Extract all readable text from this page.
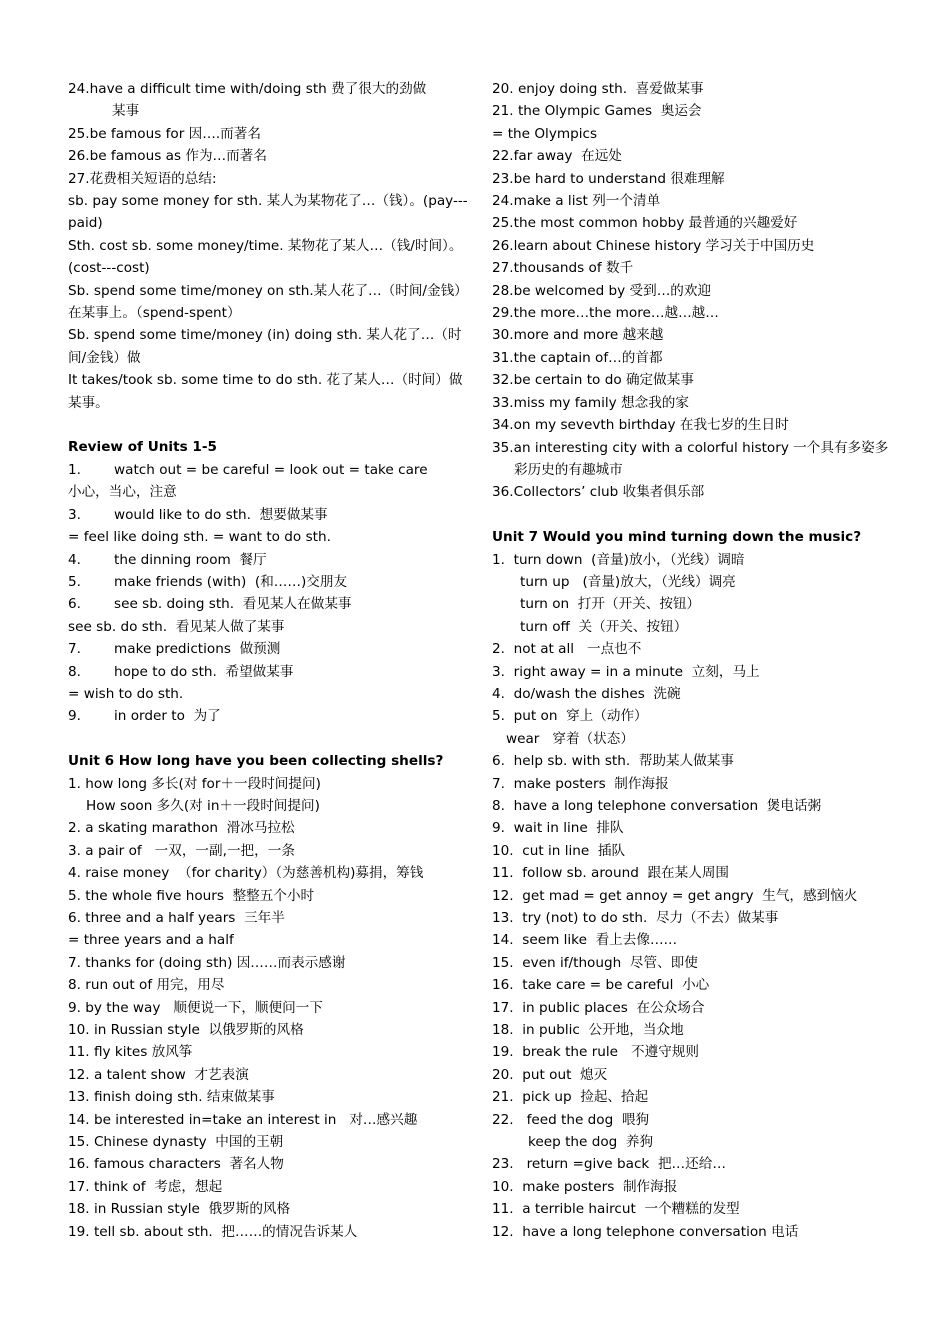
24.have a difficult time with/doing sth 费了很大的劲做
某事
25.be famous for 因….而著名
26.be famous as 作为…而著名
27.花费相关短语的总结:
sb. pay some money for sth. 某人为某物花了…（钱）。(pay---paid)
Sth. cost sb. some money/time. 某物花了某人…（钱/时间）。(cost---cost)
Sb. spend some time/money on sth.某人花了…（时间/金钱）在某事上。（spend-spent）
Sb. spend some time/money (in) doing sth. 某人花了…（时间/金钱）做
It takes/took sb. some time to do sth. 花了某人…（时间）做某事。
Review of Units 1-5
1. watch out = be careful = look out = take care
小心，当心，注意
3. would like to do sth.  想要做某事
= feel like doing sth. = want to do sth.
4. the dinning room  餐厅
5. make friends (with)  (和……)交朋友
6. see sb. doing sth.  看见某人在做某事
see sb. do sth.  看见某人做了某事
7. make predictions  做预测
8. hope to do sth.  希望做某事
= wish to do sth.
9. in order to  为了
Unit 6 How long have you been collecting shells?
1. how long 多长(对 for＋一段时间提问)
How soon 多久(对 in＋一段时间提问)
2. a skating marathon  滑冰马拉松
3. a pair of   一双，一副,一把，一条
4. raise money  （for charity）（为慈善机构)募捐，筹钱
5. the whole five hours  整整五个小时
6. three and a half years  三年半
= three years and a half
7. thanks for (doing sth) 因……而表示感谢
8. run out of 用完，用尽
9. by the way   顺便说一下，顺便问一下
10. in Russian style  以俄罗斯的风格
11. fly kites 放风筝
12. a talent show  才艺表演
13. finish doing sth. 结束做某事
14. be interested in=take an interest in   对…感兴趣
15. Chinese dynasty  中国的王朝
16. famous characters  著名人物
17. think of  考虑，想起
18. in Russian style  俄罗斯的风格
19. tell sb. about sth.  把……的情况告诉某人
20. enjoy doing sth.  喜爱做某事
21. the Olympic Games  奥运会
= the Olympics
22.far away  在远处
23.be hard to understand 很难理解
24.make a list 列一个清单
25.the most common hobby 最普通的兴趣爱好
26.learn about Chinese history 学习关于中国历史
27.thousands of 数千
28.be welcomed by 受到…的欢迎
29.the more…the more…越…越…
30.more and more 越来越
31.the captain of…的首都
32.be certain to do 确定做某事
33.miss my family 想念我的家
34.on my sevevth birthday 在我七岁的生日时
35.an interesting city with a colorful history 一个具有多姿多彩历史的有趣城市
36.Collectors’ club 收集者俱乐部
Unit 7 Would you mind turning down the music?
1.  turn down  (音量)放小，（光线）调暗
turn up   (音量)放大，（光线）调亮
turn on  打开（开关、按钮）
turn off  关（开关、按钮）
2.  not at all   一点也不
3.  right away = in a minute  立刻，马上
4.  do/wash the dishes  洗碗
5.  put on  穿上（动作）
wear   穿着（状态）
6.  help sb. with sth.  帮助某人做某事
7.  make posters  制作海报
8.  have a long telephone conversation  煲电话粥
9.  wait in line  排队
10.  cut in line  插队
11.  follow sb. around  跟在某人周围
12.  get mad = get annoy = get angry  生气，感到恼火
13.  try (not) to do sth.  尽力（不去）做某事
14.  seem like  看上去像……
15.  even if/though  尽管、即使
16.  take care = be careful  小心
17.  in public places  在公众场合
18.  in public  公开地，当众地
19.  break the rule   不遵守规则
20.  put out  熄灭
21.  pick up  捡起、拾起
22.   feed the dog  喂狗
keep the dog  养狗
23.   return =give back  把…还给…
10.  make posters  制作海报
11.  a terrible haircut  一个糟糕的发型
12.  have a long telephone conversation 电话
